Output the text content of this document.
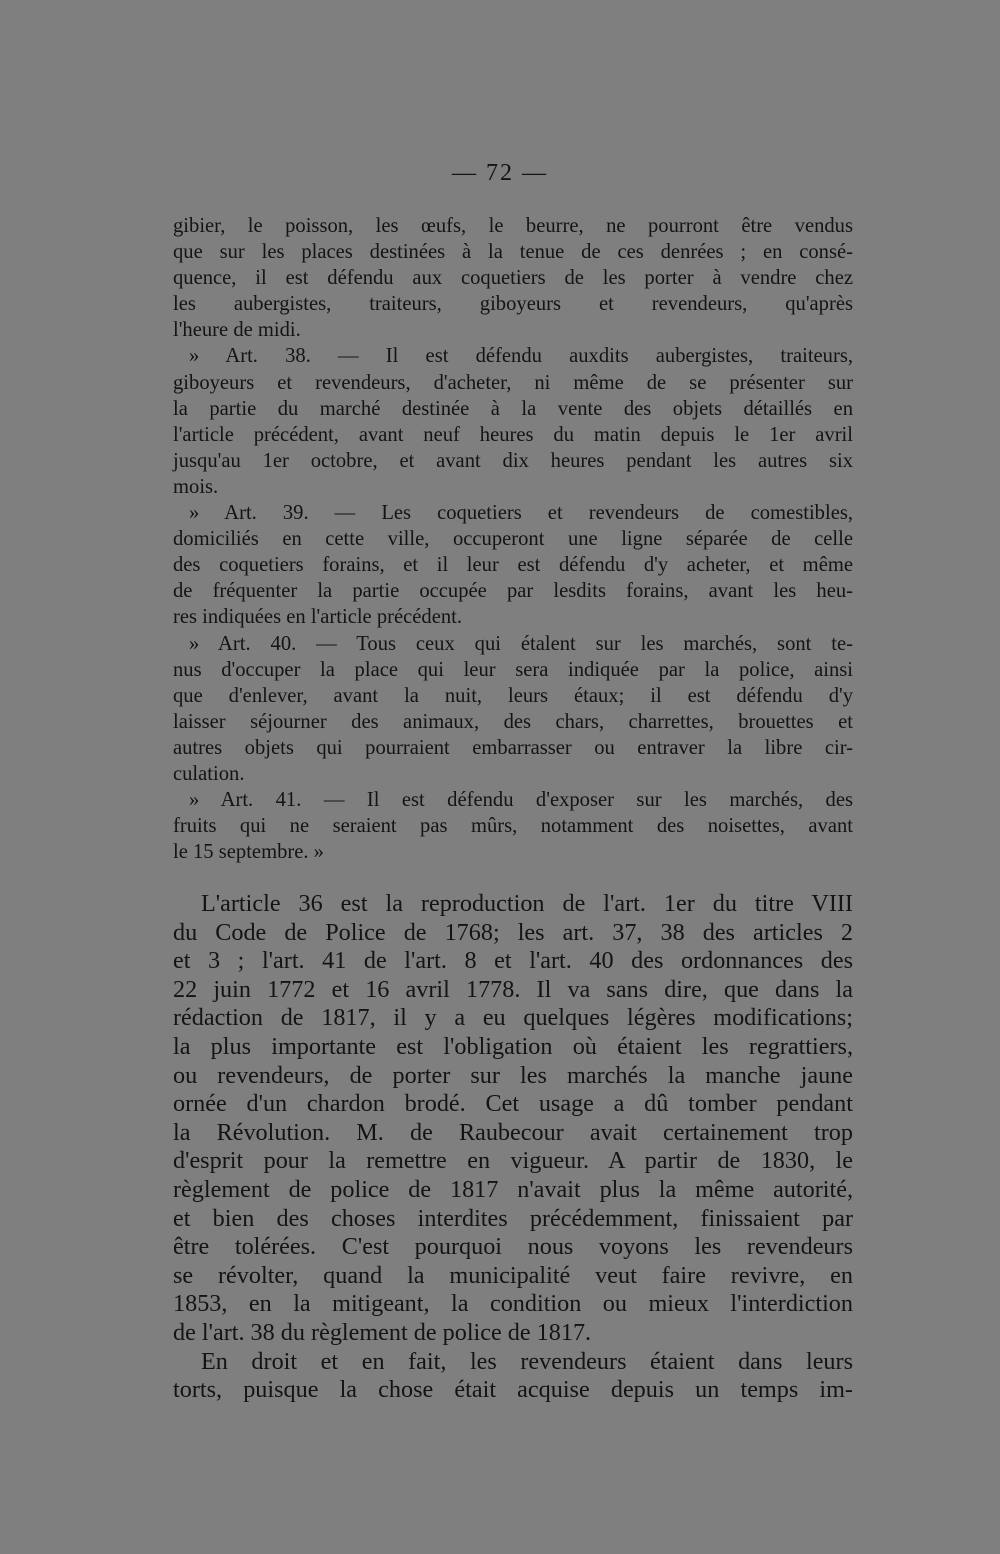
— 72 —

gibier, le poisson, les œufs, le beurre, ne pourront être vendus

que sur les places destinées à la tenue de ces denrées ; en consé-

quence, il est défendu aux coquetiers de les porter à vendre chez

les aubergistes, traiteurs, giboyeurs et revendeurs, qu'après

l'heure de midi.

» Art. 38. — Il est défendu auxdits aubergistes, traiteurs,

giboyeurs et revendeurs, d'acheter, ni même de se présenter sur

la partie du marché destinée à la vente des objets détaillés en

l'article précédent, avant neuf heures du matin depuis le 1er avril

jusqu'au 1er octobre, et avant dix heures pendant les autres six

mois.

» Art. 39. — Les coquetiers et revendeurs de comestibles,

domiciliés en cette ville, occuperont une ligne séparée de celle

des coquetiers forains, et il leur est défendu d'y acheter, et même

de fréquenter la partie occupée par lesdits forains, avant les heu-

res indiquées en l'article précédent.

» Art. 40. — Tous ceux qui étalent sur les marchés, sont te-

nus d'occuper la place qui leur sera indiquée par la police, ainsi

que d'enlever, avant la nuit, leurs étaux; il est défendu d'y

laisser séjourner des animaux, des chars, charrettes, brouettes et

autres objets qui pourraient embarrasser ou entraver la libre cir-

culation.

» Art. 41. — Il est défendu d'exposer sur les marchés, des

fruits qui ne seraient pas mûrs, notamment des noisettes, avant

le 15 septembre. »

L'article 36 est la reproduction de l'art. 1er du titre VIII

du Code de Police de 1768; les art. 37, 38 des articles 2

et 3 ; l'art. 41 de l'art. 8 et l'art. 40 des ordonnances des

22 juin 1772 et 16 avril 1778. Il va sans dire, que dans la

rédaction de 1817, il y a eu quelques légères modifications;

la plus importante est l'obligation où étaient les regrattiers,

ou revendeurs, de porter sur les marchés la manche jaune

ornée d'un chardon brodé. Cet usage a dû tomber pendant

la Révolution. M. de Raubecour avait certainement trop

d'esprit pour la remettre en vigueur. A partir de 1830, le

règlement de police de 1817 n'avait plus la même autorité,

et bien des choses interdites précédemment, finissaient par

être tolérées. C'est pourquoi nous voyons les revendeurs

se révolter, quand la municipalité veut faire revivre, en

1853, en la mitigeant, la condition ou mieux l'interdiction

de l'art. 38 du règlement de police de 1817.

En droit et en fait, les revendeurs étaient dans leurs

torts, puisque la chose était acquise depuis un temps im-
